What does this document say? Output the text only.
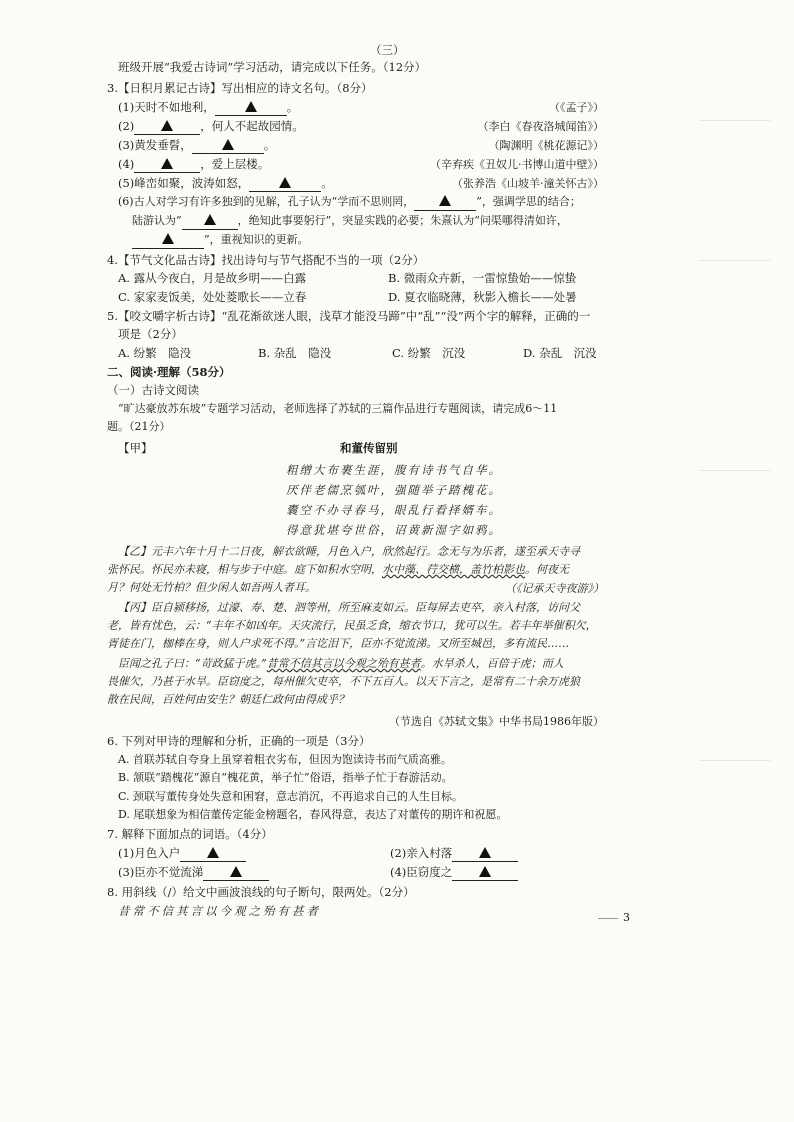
（三）
班级开展“我爱古诗词”学习活动，请完成以下任务。（12分）
3.【日积月累记古诗】写出相应的诗文名句。（8分）
(1)天时不如地利，	。	（《孟子》）
(2)	，何人不起故园情。	（李白《春夜洛城闻笛》）
(3)黄发垂髫，	。	（陶渊明《桃花源记》）
(4)	，爱上层楼。	（辛弃疾《丑奴儿·书博山道中壁》）
(5)峰峦如聚，波涛如怒，	。	（张养浩《山坡羊·潼关怀古》）
(6)古人对学习有许多独到的见解，孔子认为“学而不思则罔，	”，强调学思的结合；
陆游认为“	，绝知此事要躬行”，突显实践的必要；朱熹认为“问渠哪得清如许，
”，重视知识的更新。
4.【节气文化品古诗】找出诗句与节气搭配不当的一项（2分）
A. 露从今夜白，月是故乡明——白露	B. 微雨众卉新，一雷惊蛰始——惊蛰
C. 家家麦饭美，处处菱歌长——立春	D. 夏衣临晓薄，秋影入檐长——处暑
5.【咬文嚼字析古诗】“乱花渐欲迷人眼，浅草才能没马蹄”中“乱”“没”两个字的解释，正确的一
项是（2分）
A. 纷繁　隐没	B. 杂乱　隐没	C. 纷繁　沉没	D. 杂乱　沉没
二、阅读·理解（58分）
（一）古诗文阅读
“旷达豪放苏东坡”专题学习活动，老师选择了苏轼的三篇作品进行专题阅读，请完成6～11
题。（21分）
【甲】	和董传留别
粗缯大布裹生涯，腹有诗书气自华。
厌伴老儒烹瓠叶，强随举子踏槐花。
囊空不办寻春马，眼乱行看择婿车。
得意犹堪夸世俗，诏黄新湿字如鸦。
【乙】元丰六年十月十二日夜，解衣欲睡，月色入户，欣然起行。念无与为乐者，遂至承天寺寻
张怀民。怀民亦未寝，相与步于中庭。庭下如积水空明，水中藻、荇交横，盖竹柏影也。何夜无
月？何处无竹柏？但少闲人如吾两人者耳。	（《记承天寺夜游》）
【丙】臣自颍移扬，过濠、寿、楚、泗等州，所至麻麦如云。臣每屏去吏卒，亲入村落，访问父
老，皆有忧色，云：“丰年不如凶年。天灾流行，民虽乏食，缩衣节口，犹可以生。若丰年举催积欠，
胥徒在门，枷棒在身，则人户求死不得。”言讫泪下，臣亦不觉流涕。又所至城邑，多有流民……
臣闻之孔子曰：“苛政猛于虎。”昔常不信其言以今观之殆有甚者。水旱杀人，百倍于虎；而人
畏催欠，乃甚于水旱。臣窃度之，每州催欠吏卒，不下五百人。以天下言之，是常有二十余万虎狼
散在民间，百姓何由安生？朝廷仁政何由得成乎？
（节选自《苏轼文集》中华书局1986年版）
6. 下列对甲诗的理解和分析，正确的一项是（3分）
A. 首联苏轼自夸身上虽穿着粗衣劣布，但因为饱读诗书而气质高雅。
B. 颔联“踏槐花”源自“槐花黄，举子忙”俗语，指举子忙于春游活动。
C. 颈联写董传身处失意和困窘，意志消沉，不再追求自己的人生目标。
D. 尾联想象为相信董传定能金榜题名，春风得意，表达了对董传的期许和祝愿。
7. 解释下面加点的词语。（4分）
(1)月色入户	(2)亲入村落
(3)臣亦不觉流涕	(4)臣窃度之
8. 用斜线（/）给文中画波浪线的句子断句，限两处。（2分）
昔常不信其言以今观之殆有甚者	3
